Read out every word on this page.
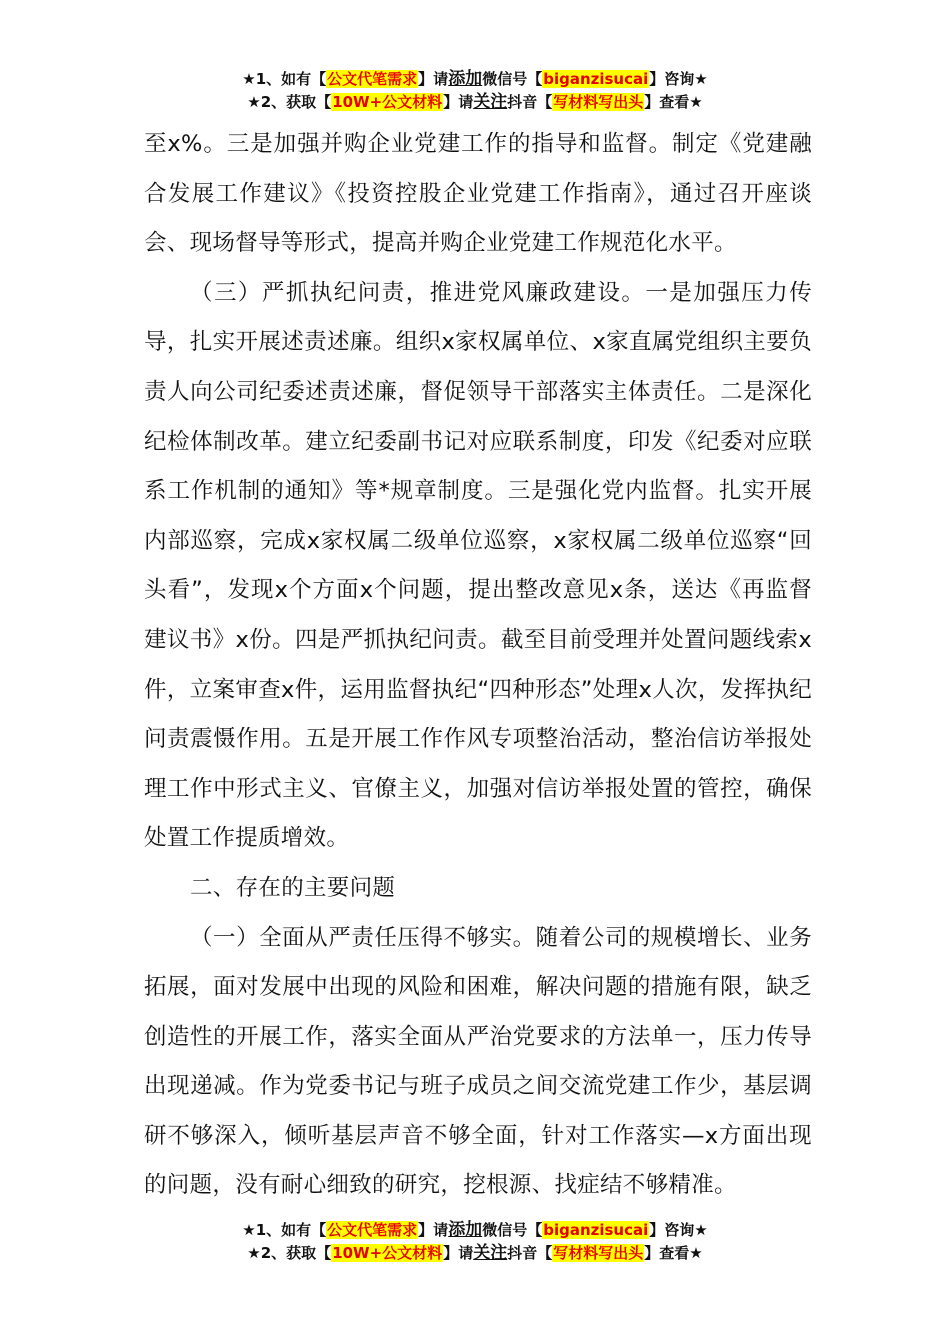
★1、如有【公文代笔需求】请添加微信号【biganzisucai】咨询★
★2、获取【10W+公文材料】请关注抖音【写材料写出头】查看★

至x%。三是加强并购企业党建工作的指导和监督。制定《党建融合发展工作建议》《投资控股企业党建工作指南》，通过召开座谈会、现场督导等形式，提高并购企业党建工作规范化水平。

（三）严抓执纪问责，推进党风廉政建设。一是加强压力传导，扎实开展述责述廉。组织x家权属单位、x家直属党组织主要负责人向公司纪委述责述廉，督促领导干部落实主体责任。二是深化纪检体制改革。建立纪委副书记对应联系制度，印发《纪委对应联系工作机制的通知》等*规章制度。三是强化党内监督。扎实开展内部巡察，完成x家权属二级单位巡察，x家权属二级单位巡察“回头看”，发现x个方面x个问题，提出整改意见x条，送达《再监督建议书》x份。四是严抓执纪问责。截至目前受理并处置问题线索x件，立案审查x件，运用监督执纪“四种形态”处理x人次，发挥执纪问责震慑作用。五是开展工作作风专项整治活动，整治信访举报处理工作中形式主义、官僚主义，加强对信访举报处置的管控，确保处置工作提质增效。

二、存在的主要问题

（一）全面从严责任压得不够实。随着公司的规模增长、业务拓展，面对发展中出现的风险和困难，解决问题的措施有限，缺乏创造性的开展工作，落实全面从严治党要求的方法单一，压力传导出现递减。作为党委书记与班子成员之间交流党建工作少，基层调研不够深入，倾听基层声音不够全面，针对工作落实—x方面出现的问题，没有耐心细致的研究，挖根源、找症结不够精准。

★1、如有【公文代笔需求】请添加微信号【biganzisucai】咨询★
★2、获取【10W+公文材料】请关注抖音【写材料写出头】查看★
